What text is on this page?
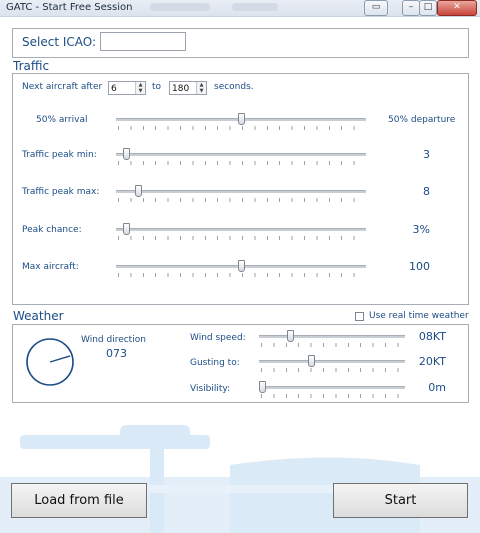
GATC - Start Free Session	▭	–	□	✕
Select ICAO:
Traffic
Next aircraft after 6	▲
▼ to	180	▲
▼ seconds.
50% arrival	50% departure
Traffic peak min:	3
Traffic peak max:	8
Peak chance:	3%
Max aircraft:	100
Weather	Use real time weather
Wind direction
073
Wind speed:	08KT
Gusting to:	20KT
Visibility:	0m
Load from file	Start
